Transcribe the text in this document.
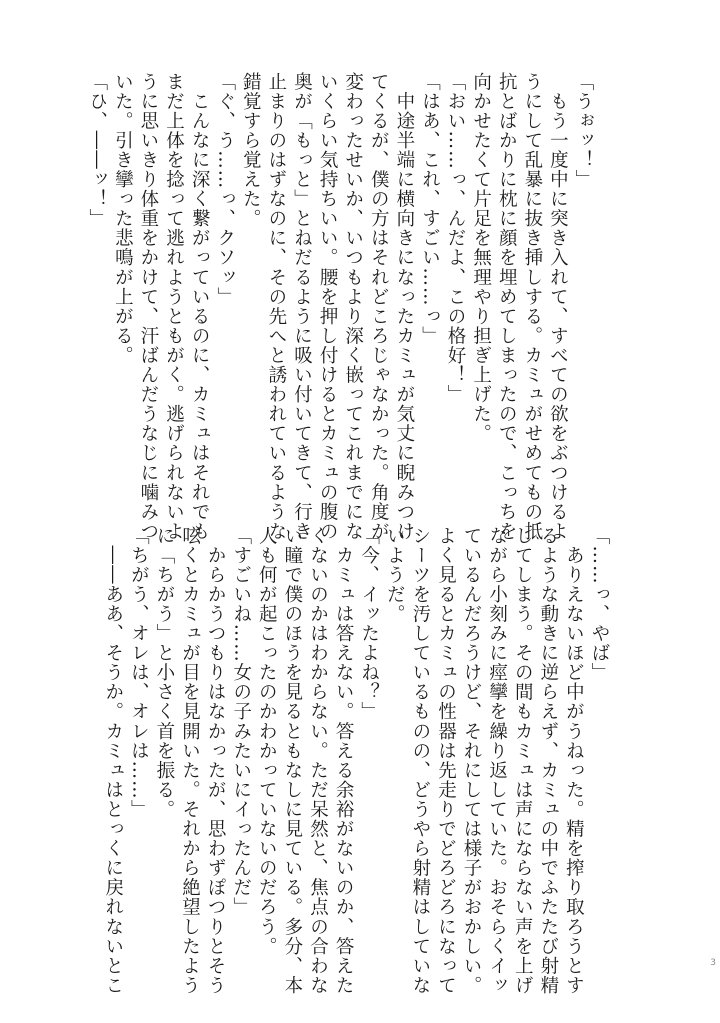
「うぉッ！」
　もう一度中に突き入れて、すべての欲をぶつけるよ
うにして乱暴に抜き挿しする。カミュがせめてもの抵
抗とばかりに枕に顔を埋めてしまったので、こっちを
向かせたくて片足を無理やり担ぎ上げた。
「おい……っ、んだよ、この格好！」
「はあ、これ、すごい……っ」
　中途半端に横向きになったカミュが気丈に睨みつけ
てくるが、僕の方はそれどころじゃなかった。角度が
変わったせいか、いつもより深く嵌ってこれまでにな
いくらい気持ちいい。腰を押し付けるとカミュの腹の
奥が「もっと」とねだるように吸い付いてきて、行き
止まりのはずなのに、その先へと誘われているような
錯覚すら覚えた。
「ぐ、う……っ、クソッ」
　こんなに深く繋がっているのに、カミュはそれでも
まだ上体を捻って逃れようともがく。逃げられないよ
うに思いきり体重をかけて、汗ばんだうなじに噛みつ
いた。引き攣った悲鳴が上がる。
「ひ、――ッ！」
「……っ、やば」
　ありえないほど中がうねった。精を搾り取ろうとす
るような動きに逆らえず、カミュの中でふたたび射精
してしまう。その間もカミュは声にならない声を上げ
ながら小刻みに痙攣を繰り返していた。おそらくイッ
ているんだろうけど、それにしては様子がおかしい。
よく見るとカミュの性器は先走りでどろどろになって
シーツを汚しているものの、どうやら射精はしていな
いようだ。
「今、イッたよね？」
　カミュは答えない。答える余裕がないのか、答えた
くないのかはわからない。ただ呆然と、焦点の合わな
い瞳で僕のほうを見るともなしに見ている。多分、本
人も何が起こったのかわかっていないのだろう。
「すごいね……女の子みたいにイったんだ」
　からかうつもりはなかったが、思わずぽつりとそう
呟くとカミュが目を見開いた。それから絶望したよう
に「ちがう」と小さく首を振る。
「ちがう、オレは、オレは……」
　――ああ、そうか。カミュはとっくに戻れないとこ	3
